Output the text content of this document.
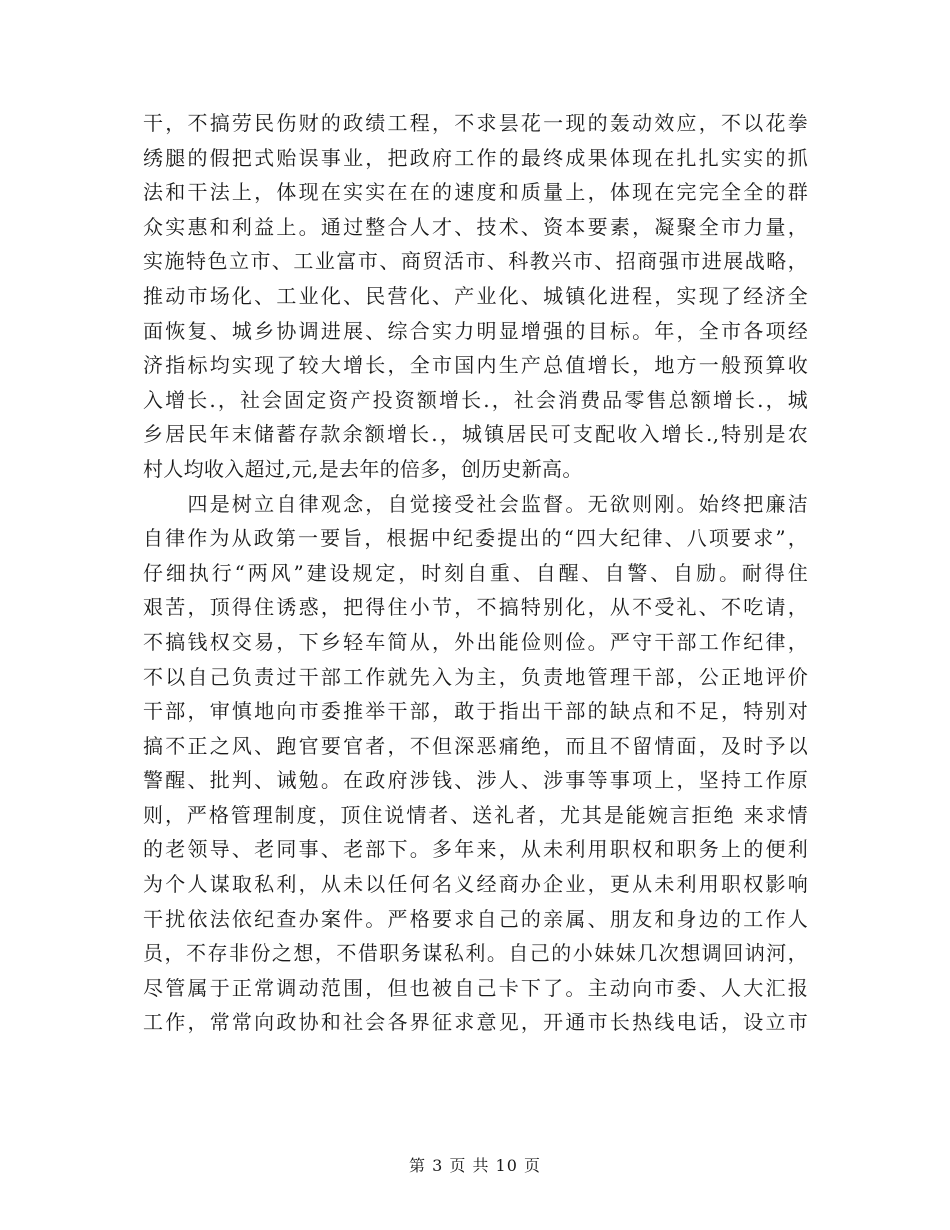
干，不搞劳民伤财的政绩工程，不求昙花一现的轰动效应，不以花拳
绣腿的假把式贻误事业，把政府工作的最终成果体现在扎扎实实的抓
法和干法上，体现在实实在在的速度和质量上，体现在完完全全的群
众实惠和利益上。通过整合人才、技术、资本要素，凝聚全市力量，
实施特色立市、工业富市、商贸活市、科教兴市、招商强市进展战略，
推动市场化、工业化、民营化、产业化、城镇化进程，实现了经济全
面恢复、城乡协调进展、综合实力明显增强的目标。年，全市各项经
济指标均实现了较大增长，全市国内生产总值增长，地方一般预算收
入增长.，社会固定资产投资额增长.，社会消费品零售总额增长.，城
乡居民年末储蓄存款余额增长.，城镇居民可支配收入增长.,特别是农
村人均收入超过,元,是去年的倍多，创历史新高。
　　四是树立自律观念，自觉接受社会监督。无欲则刚。始终把廉洁
自律作为从政第一要旨，根据中纪委提出的“四大纪律、八项要求”，
仔细执行“两风”建设规定，时刻自重、自醒、自警、自励。耐得住
艰苦，顶得住诱惑，把得住小节，不搞特别化，从不受礼、不吃请，
不搞钱权交易，下乡轻车简从，外出能俭则俭。严守干部工作纪律，
不以自己负责过干部工作就先入为主，负责地管理干部，公正地评价
干部，审慎地向市委推举干部，敢于指出干部的缺点和不足，特别对
搞不正之风、跑官要官者，不但深恶痛绝，而且不留情面，及时予以
警醒、批判、诫勉。在政府涉钱、涉人、涉事等事项上，坚持工作原
则，严格管理制度，顶住说情者、送礼者，尤其是能婉言拒绝 来求情
的老领导、老同事、老部下。多年来，从未利用职权和职务上的便利
为个人谋取私利，从未以任何名义经商办企业，更从未利用职权影响
干扰依法依纪查办案件。严格要求自己的亲属、朋友和身边的工作人
员，不存非份之想，不借职务谋私利。自己的小妹妹几次想调回讷河，
尽管属于正常调动范围，但也被自己卡下了。主动向市委、人大汇报
工作，常常向政协和社会各界征求意见，开通市长热线电话，设立市
第 3 页 共 10 页
